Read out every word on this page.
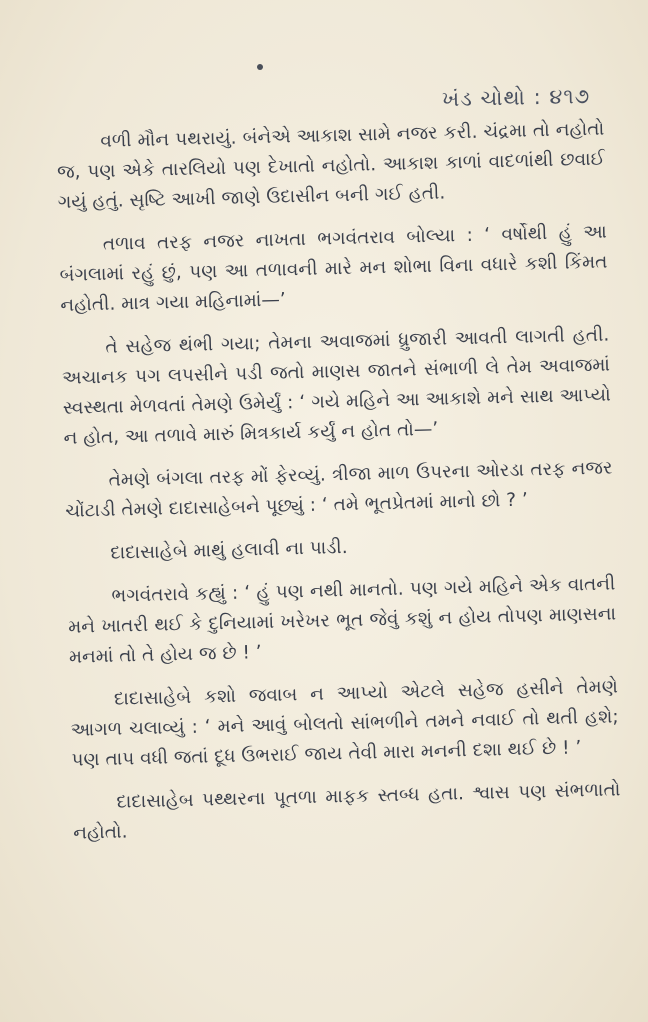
ખંડ ચોથો : ૪૧૭

વળી મૌન પથરાયું. બંનેએ આકાશ સામે નજર કરી. ચંદ્રમા તો નહોતો જ, પણ એકે તારલિયો પણ દેખાતો નહોતો. આકાશ કાળાં વાદળાંથી છવાઈ ગયું હતું. સૃષ્ટિ આખી જાણે ઉદાસીન બની ગઈ હતી.

તળાવ તરફ નજર નાખતા ભગવંતરાવ બોલ્યા : ‘ વર્ષોથી હું આ બંગલામાં રહું છું, પણ આ તળાવની મારે મન શોભા વિના વધારે કશી કિંમત નહોતી. માત્ર ગયા મહિનામાં—’

તે સહેજ થંભી ગયા; તેમના અવાજમાં ધ્રુજારી આવતી લાગતી હતી. અચાનક પગ લપસીને પડી જતો માણસ જાતને સંભાળી લે તેમ અવાજમાં સ્વસ્થતા મેળવતાં તેમણે ઉમેર્યું : ‘ ગયે મહિને આ આકાશે મને સાથ આપ્યો ન હોત, આ તળાવે મારું મિત્રકાર્ય કર્યું ન હોત તો—’

તેમણે બંગલા તરફ મોં ફેરવ્યું. ત્રીજા માળ ઉપરના ઓરડા તરફ નજર ચોંટાડી તેમણે દાદાસાહેબને પૂછ્યું : ‘ તમે ભૂતપ્રેતમાં માનો છો ? ’

દાદાસાહેબે માથું હલાવી ના પાડી.

ભગવંતરાવે કહ્યું : ‘ હું પણ નથી માનતો. પણ ગયે મહિને એક વાતની મને ખાતરી થઈ કે દુનિયામાં ખરેખર ભૂત જેવું કશું ન હોય તોપણ માણસના મનમાં તો તે હોય જ છે ! ’

દાદાસાહેબે કશો જવાબ ન આપ્યો એટલે સહેજ હસીને તેમણે આગળ ચલાવ્યું : ‘ મને આવું બોલતો સાંભળીને તમને નવાઈ તો થતી હશે; પણ તાપ વધી જતાં દૂધ ઉભરાઈ જાય તેવી મારા મનની દશા થઈ છે ! ’

દાદાસાહેબ પથ્થરના પૂતળા માફક સ્તબ્ધ હતા. શ્વાસ પણ સંભળાતો નહોતો.
